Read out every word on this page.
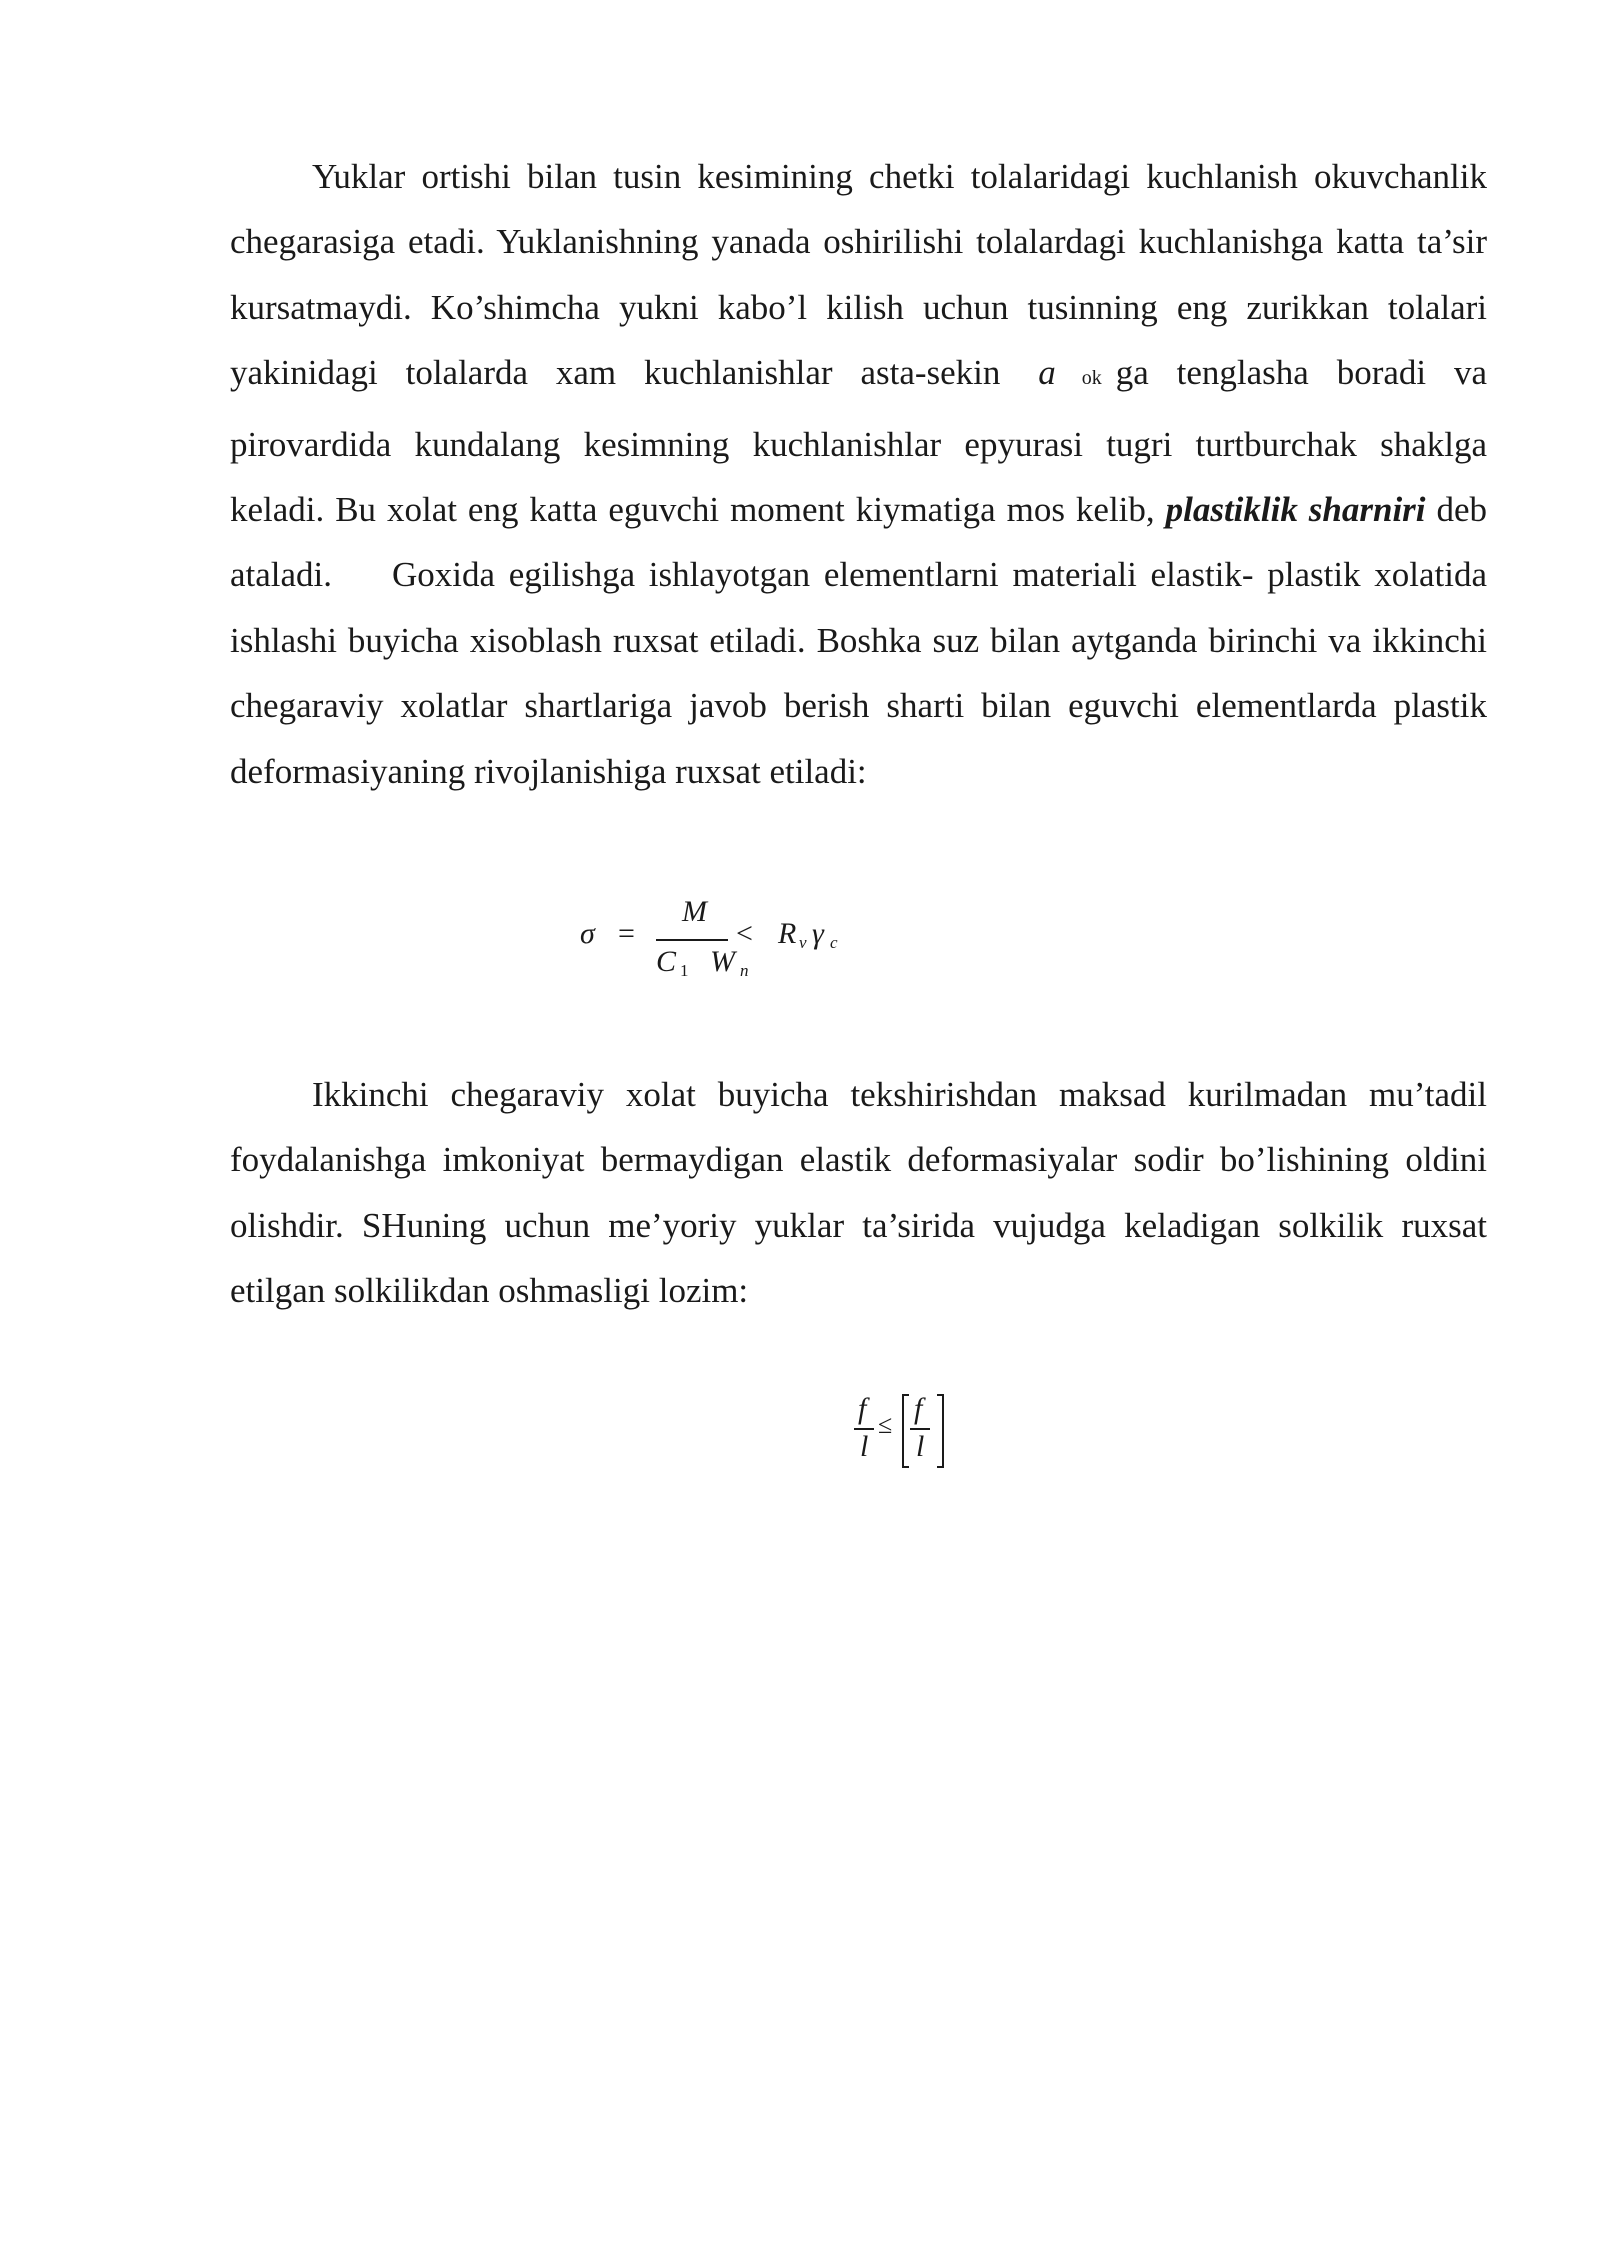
Yuklar ortishi bilan tusin kesimining chetki tolalaridagi kuchlanish okuvchanlik chegarasiga etadi. Yuklanishning yanada oshirilishi tolalardagi kuchlanishga katta ta’sir kursatmaydi. Ko’shimcha yukni kabo’l kilish uchun tusinning eng zurikkan tolalari yakinidagi tolalarda xam kuchlanishlar asta-sekin a ok ga tenglasha boradi va pirovardida kundalang kesimning kuchlanishlar epyurasi tugri turtburchak shaklga keladi. Bu xolat eng katta eguvchi moment kiymatiga mos kelib, plastiklik sharniri deb ataladi. Goxida egilishga ishlayotgan elementlarni materiali elastik- plastik xolatida ishlashi buyicha xisoblash ruxsat etiladi. Boshka suz bilan aytganda birinchi va ikkinchi chegaraviy xolatlar shartlariga javob berish sharti bilan eguvchi elementlarda plastik deformasiyaning rivojlanishiga ruxsat etiladi:
σ =
M
C 1 W n
< R v γ c
Ikkinchi chegaraviy xolat buyicha tekshirishdan maksad kurilmadan mu’tadil foydalanishga imkoniyat bermaydigan elastik deformasiyalar sodir bo’lishining oldini olishdir. SHuning uchun me’yoriy yuklar ta’sirida vujudga keladigan solkilik ruxsat etilgan solkilikdan oshmasligi lozim:
f
l
≤ f
l
